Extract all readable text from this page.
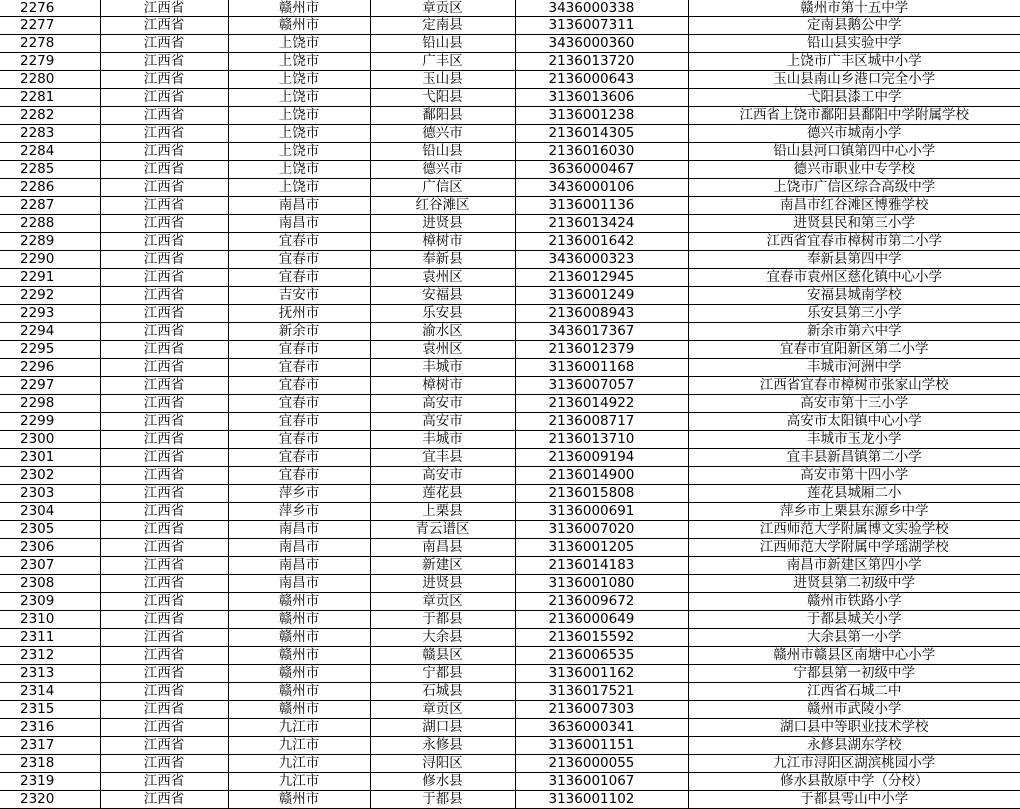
2276	江西省	赣州市	章贡区	3436000338	赣州市第十五中学
2277	江西省	赣州市	定南县	3136007311	定南县鹅公中学
2278	江西省	上饶市	铅山县	3436000360	铅山县实验中学
2279	江西省	上饶市	广丰区	2136013720	上饶市广丰区城中小学
2280	江西省	上饶市	玉山县	2136000643	玉山县南山乡港口完全小学
2281	江西省	上饶市	弋阳县	3136013606	弋阳县漆工中学
2282	江西省	上饶市	鄱阳县	3136001238	江西省上饶市鄱阳县鄱阳中学附属学校
2283	江西省	上饶市	德兴市	2136014305	德兴市城南小学
2284	江西省	上饶市	铅山县	2136016030	铅山县河口镇第四中心小学
2285	江西省	上饶市	德兴市	3636000467	德兴市职业中专学校
2286	江西省	上饶市	广信区	3436000106	上饶市广信区综合高级中学
2287	江西省	南昌市	红谷滩区	3136001136	南昌市红谷滩区博雅学校
2288	江西省	南昌市	进贤县	2136013424	进贤县民和第三小学
2289	江西省	宜春市	樟树市	2136001642	江西省宜春市樟树市第二小学
2290	江西省	宜春市	奉新县	3436000323	奉新县第四中学
2291	江西省	宜春市	袁州区	2136012945	宜春市袁州区慈化镇中心小学
2292	江西省	吉安市	安福县	3136001249	安福县城南学校
2293	江西省	抚州市	乐安县	2136008943	乐安县第三小学
2294	江西省	新余市	渝水区	3436017367	新余市第六中学
2295	江西省	宜春市	袁州区	2136012379	宜春市宜阳新区第二小学
2296	江西省	宜春市	丰城市	3136001168	丰城市河洲中学
2297	江西省	宜春市	樟树市	3136007057	江西省宜春市樟树市张家山学校
2298	江西省	宜春市	高安市	2136014922	高安市第十三小学
2299	江西省	宜春市	高安市	2136008717	高安市太阳镇中心小学
2300	江西省	宜春市	丰城市	2136013710	丰城市玉龙小学
2301	江西省	宜春市	宜丰县	2136009194	宜丰县新昌镇第二小学
2302	江西省	宜春市	高安市	2136014900	高安市第十四小学
2303	江西省	萍乡市	莲花县	2136015808	莲花县城厢二小
2304	江西省	萍乡市	上栗县	3136000691	萍乡市上栗县东源乡中学
2305	江西省	南昌市	青云谱区	3136007020	江西师范大学附属博文实验学校
2306	江西省	南昌市	南昌县	3136001205	江西师范大学附属中学瑶湖学校
2307	江西省	南昌市	新建区	2136014183	南昌市新建区第四小学
2308	江西省	南昌市	进贤县	3136001080	进贤县第二初级中学
2309	江西省	赣州市	章贡区	2136009672	赣州市铁路小学
2310	江西省	赣州市	于都县	2136000649	于都县城关小学
2311	江西省	赣州市	大余县	2136015592	大余县第一小学
2312	江西省	赣州市	赣县区	2136006535	赣州市赣县区南塘中心小学
2313	江西省	赣州市	宁都县	3136001162	宁都县第一初级中学
2314	江西省	赣州市	石城县	3136017521	江西省石城二中
2315	江西省	赣州市	章贡区	2136007303	赣州市武陵小学
2316	江西省	九江市	湖口县	3636000341	湖口县中等职业技术学校
2317	江西省	九江市	永修县	3136001151	永修县湖东学校
2318	江西省	九江市	浔阳区	2136000055	九江市浔阳区湖滨桃园小学
2319	江西省	九江市	修水县	3136001067	修水县散原中学（分校）
2320	江西省	赣州市	于都县	3136001102	于都县雩山中小学
